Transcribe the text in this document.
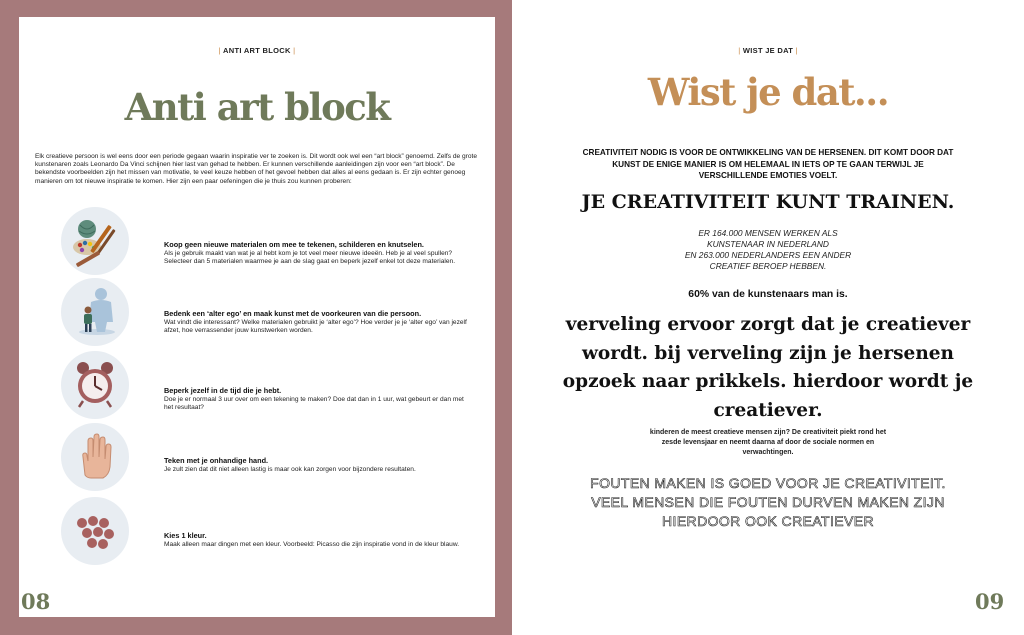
| ANTI ART BLOCK |
Anti art block
Elk creatieve persoon is wel eens door een periode gegaan waarin inspiratie ver te zoeken is. Dit wordt ook wel een “art block” genoemd. Zelfs de grote kunstenaren zoals Leonardo Da Vinci schijnen hier last van gehad te hebben. Er kunnen verschillende aanleidingen zijn voor een “art block”. De bekendste voorbeelden zijn het missen van motivatie, te veel keuze hebben of het gevoel hebben dat alles al eens gedaan is. Er zijn echter genoeg manieren om tot nieuwe inspiratie te komen. Hier zijn een paar oefeningen die je thuis zou kunnen proberen:
Koop geen nieuwe materialen om mee te tekenen, schilderen en knutselen.
Als je gebruik maakt van wat je al hebt kom je tot veel meer nieuwe ideeën. Heb je al veel spullen? Selecteer dan 5 materialen waarmee je aan de slag gaat en beperk jezelf enkel tot deze materialen.
Bedenk een ‘alter ego’ en maak kunst met de voorkeuren van die persoon.
Wat vindt die interessant? Welke materialen gebruikt je ‘alter ego’? Hoe verder je je ‘alter ego’ van jezelf afzet, hoe verrassender jouw kunstwerken worden.
Beperk jezelf in de tijd die je hebt.
Doe je er normaal 3 uur over om een tekening te maken? Doe dat dan in 1 uur, wat gebeurt er dan met het resultaat?
Teken met je onhandige hand.
Je zult zien dat dit niet alleen lastig is maar ook kan zorgen voor bijzondere resultaten.
Kies 1 kleur.
Maak alleen maar dingen met een kleur. Voorbeeld: Picasso die zijn inspiratie vond in de kleur blauw.
08
| WIST JE DAT |
Wist je dat...
CREATIVITEIT NODIG IS VOOR DE ONTWIKKELING VAN DE HERSENEN. DIT KOMT DOOR DAT KUNST DE ENIGE MANIER IS OM HELEMAAL IN IETS OP TE GAAN TERWIJL JE VERSCHILLENDE EMOTIES VOELT.
JE CREATIVITEIT KUNT TRAINEN.
ER 164.000 MENSEN WERKEN ALS
KUNSTENAAR IN NEDERLAND
EN 263.000 NEDERLANDERS EEN ANDER
CREATIEF BEROEP HEBBEN.
60% van de kunstenaars man is.
verveling ervoor zorgt dat je creatiever wordt. bij verveling zijn je hersenen opzoek naar prikkels. hierdoor wordt je creatiever.
kinderen de meest creatieve mensen zijn? De creativiteit piekt rond het zesde levensjaar en neemt daarna af door de sociale normen en verwachtingen.
FOUTEN MAKEN IS GOED VOOR JE CREATIVITEIT.
VEEL MENSEN DIE FOUTEN DURVEN MAKEN ZIJN
HIERDOOR OOK CREATIEVER
09
